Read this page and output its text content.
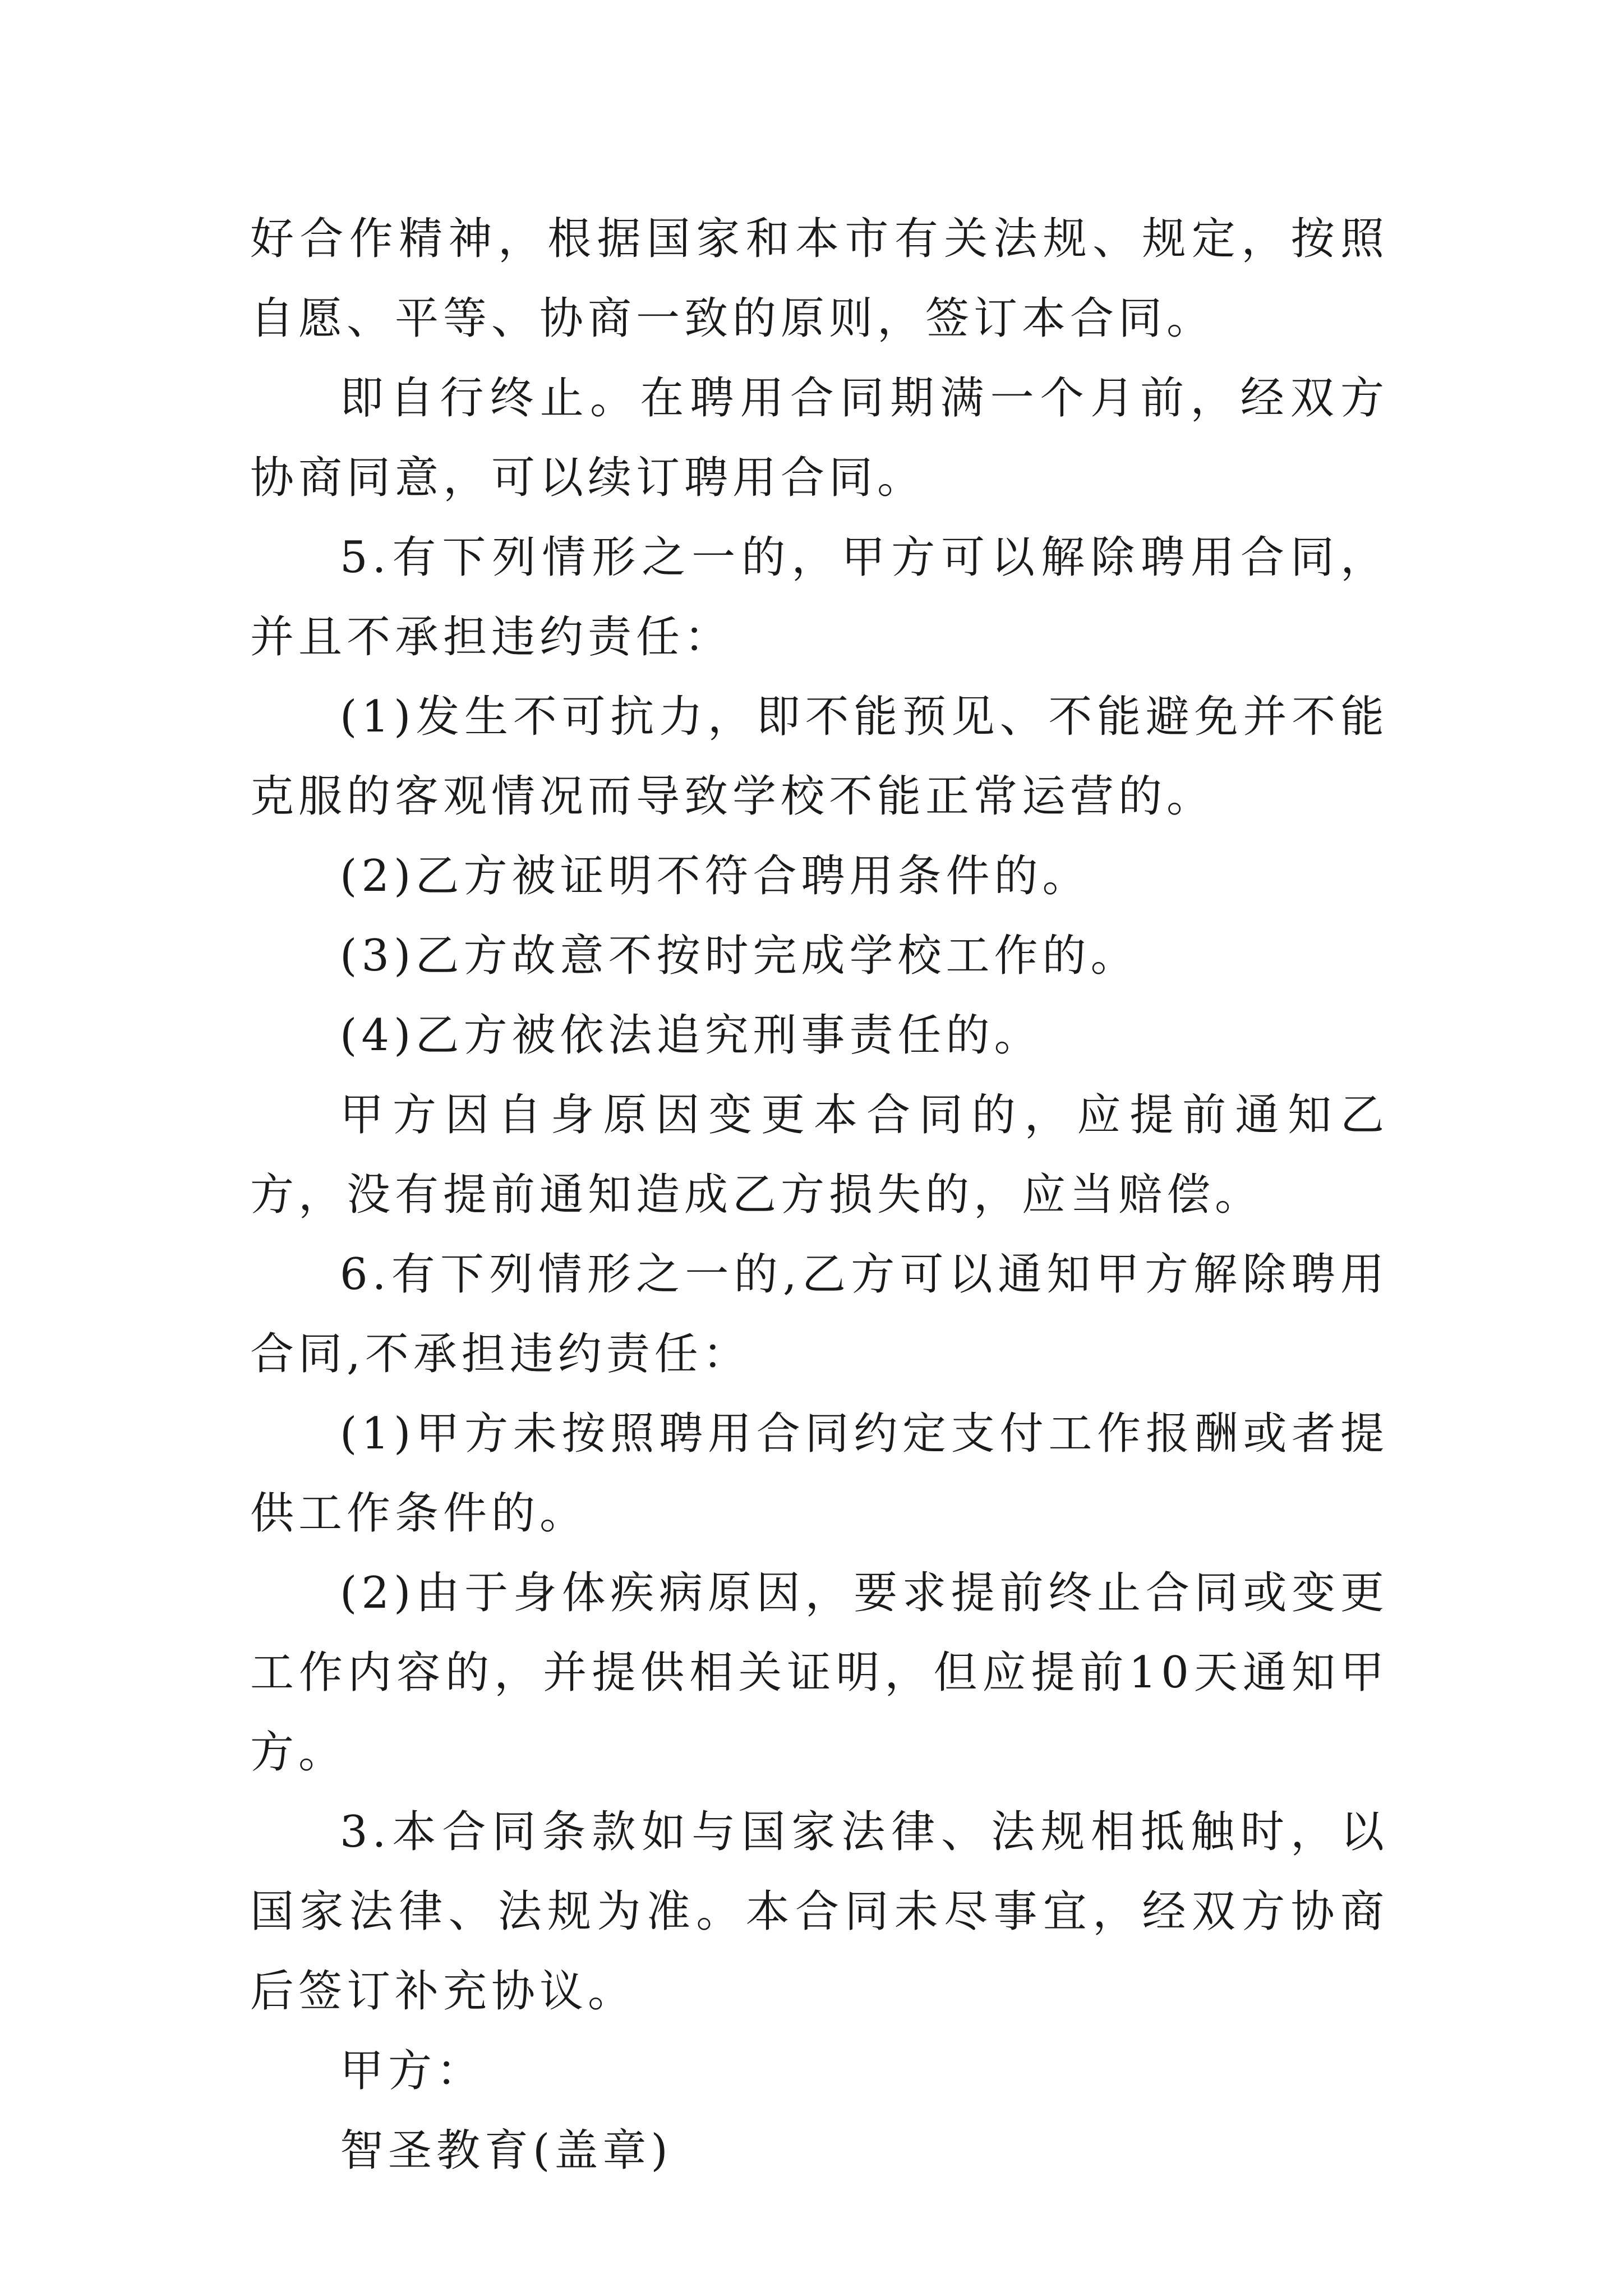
好合作精神，根据国家和本市有关法规、规定，按照自愿、平等、协商一致的原则，签订本合同。

即自行终止。在聘用合同期满一个月前，经双方协商同意，可以续订聘用合同。

5.有下列情形之一的，甲方可以解除聘用合同，并且不承担违约责任：

(1)发生不可抗力，即不能预见、不能避免并不能克服的客观情况而导致学校不能正常运营的。

(2)乙方被证明不符合聘用条件的。

(3)乙方故意不按时完成学校工作的。

(4)乙方被依法追究刑事责任的。

甲方因自身原因变更本合同的，应提前通知乙方，没有提前通知造成乙方损失的，应当赔偿。

6.有下列情形之一的,乙方可以通知甲方解除聘用合同,不承担违约责任：

(1)甲方未按照聘用合同约定支付工作报酬或者提供工作条件的。

(2)由于身体疾病原因，要求提前终止合同或变更工作内容的，并提供相关证明，但应提前10天通知甲方。

3.本合同条款如与国家法律、法规相抵触时，以国家法律、法规为准。本合同未尽事宜，经双方协商后签订补充协议。

甲方：

智圣教育(盖章)
